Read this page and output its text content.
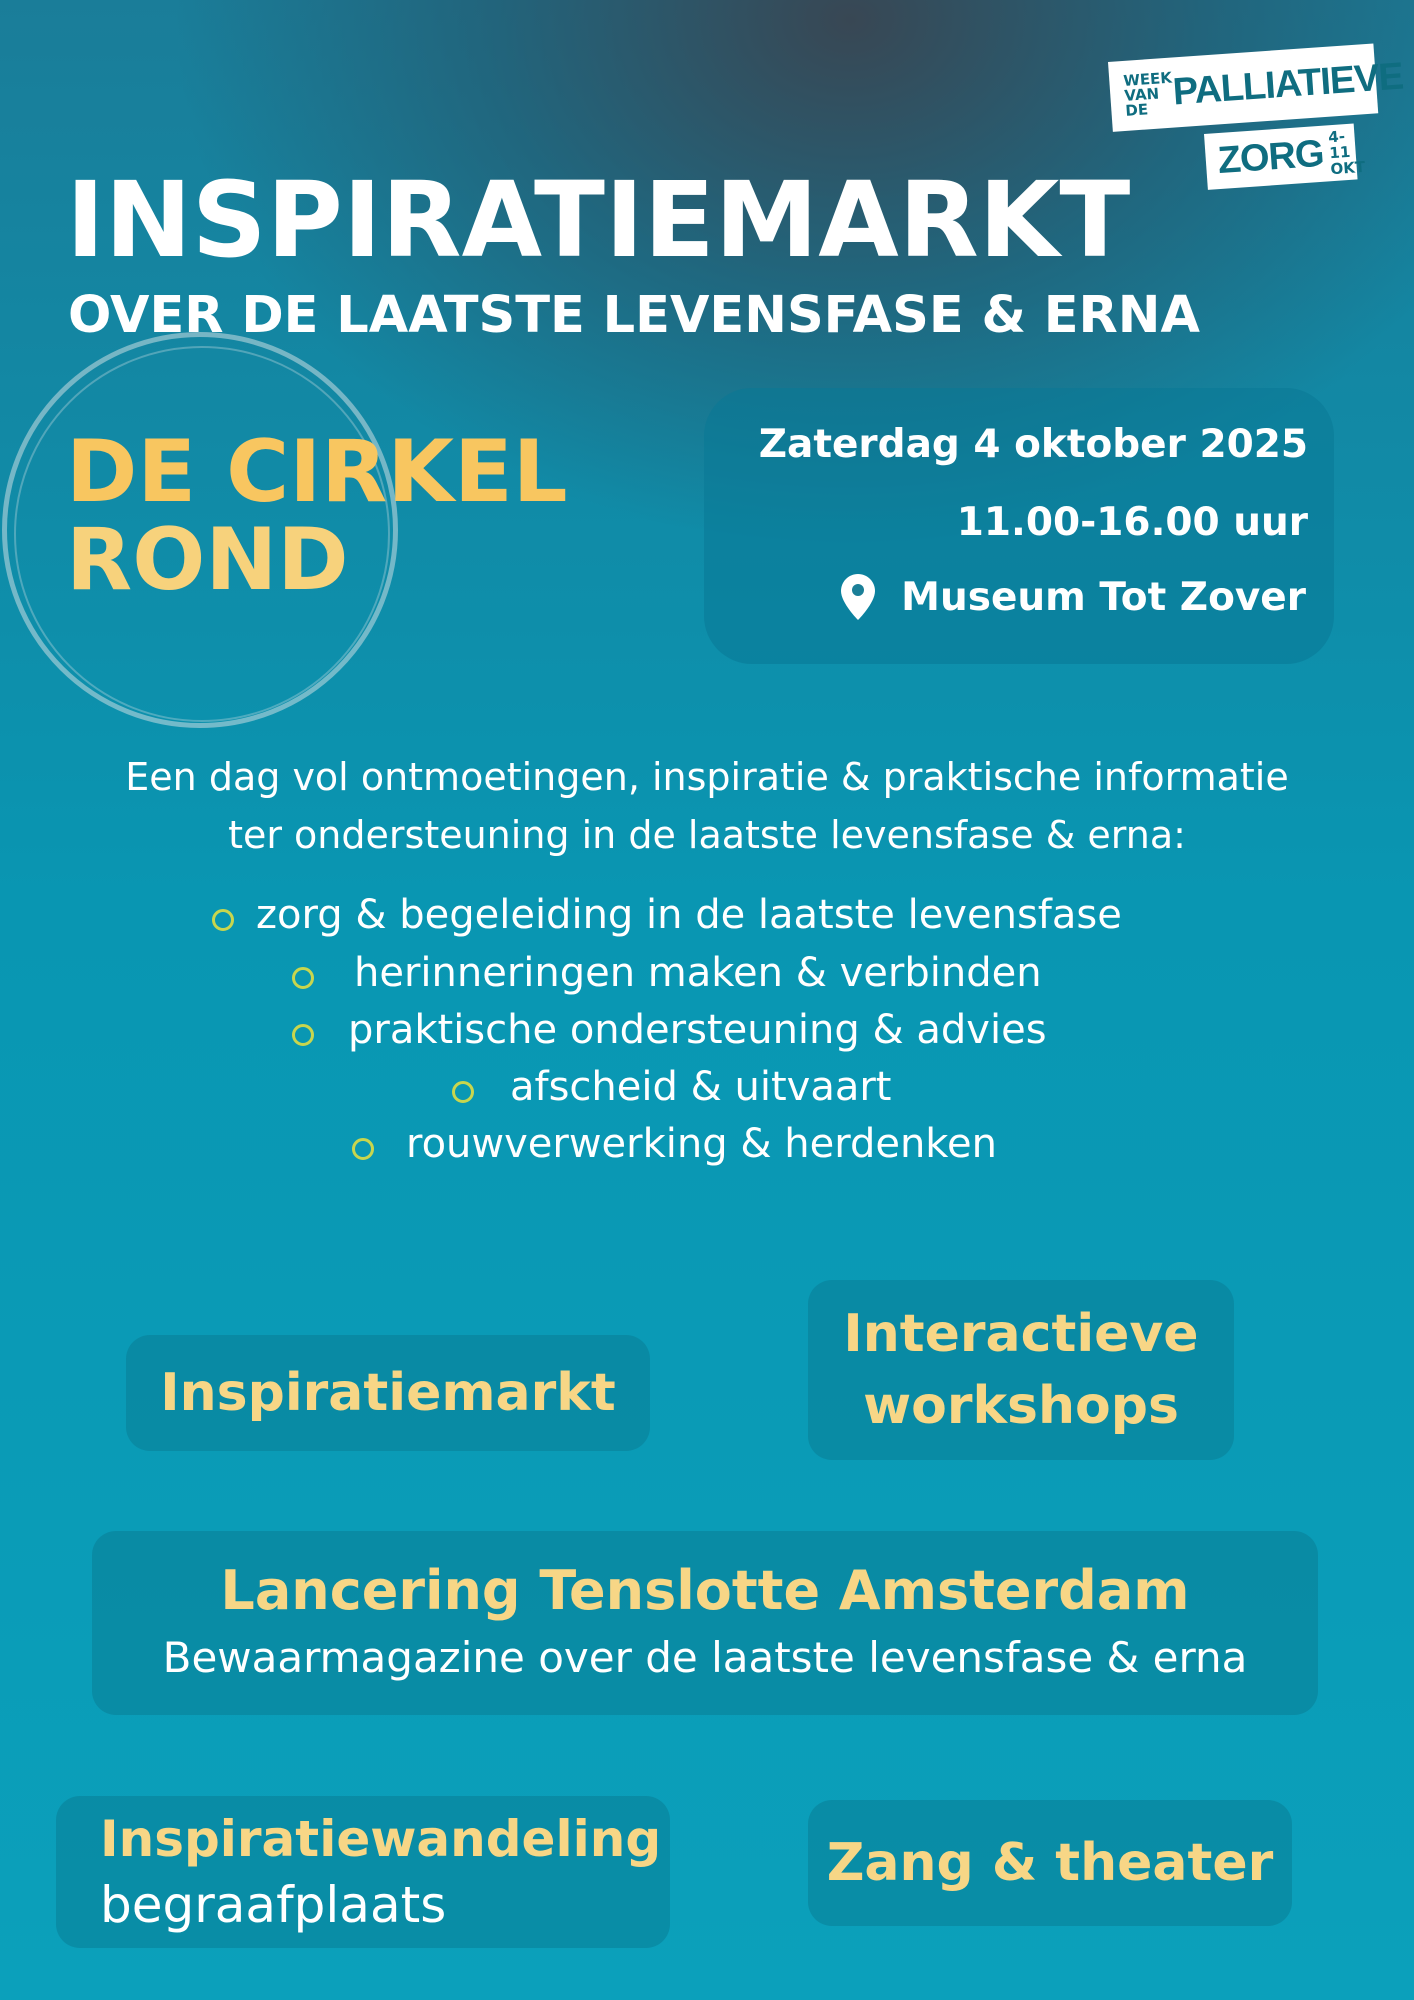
WEEK VAN DE PALLIATIEVE
ZORG 4-11 OKT
INSPIRATIEMARKT
OVER DE LAATSTE LEVENSFASE & ERNA
DE CIRKEL
ROND
Zaterdag 4 oktober 2025
11.00-16.00 uur
Museum Tot Zover

Een dag vol ontmoetingen, inspiratie & praktische informatie

ter ondersteuning in de laatste levensfase & erna:

zorg & begeleiding in de laatste levensfase
herinneringen maken & verbinden
praktische ondersteuning & advies
afscheid & uitvaart
rouwverwerking & herdenken
Inspiratiemarkt
Interactieve
workshops
Lancering Tenslotte Amsterdam
Bewaarmagazine over de laatste levensfase & erna
Inspiratiewandeling
begraafplaats
Zang & theater
